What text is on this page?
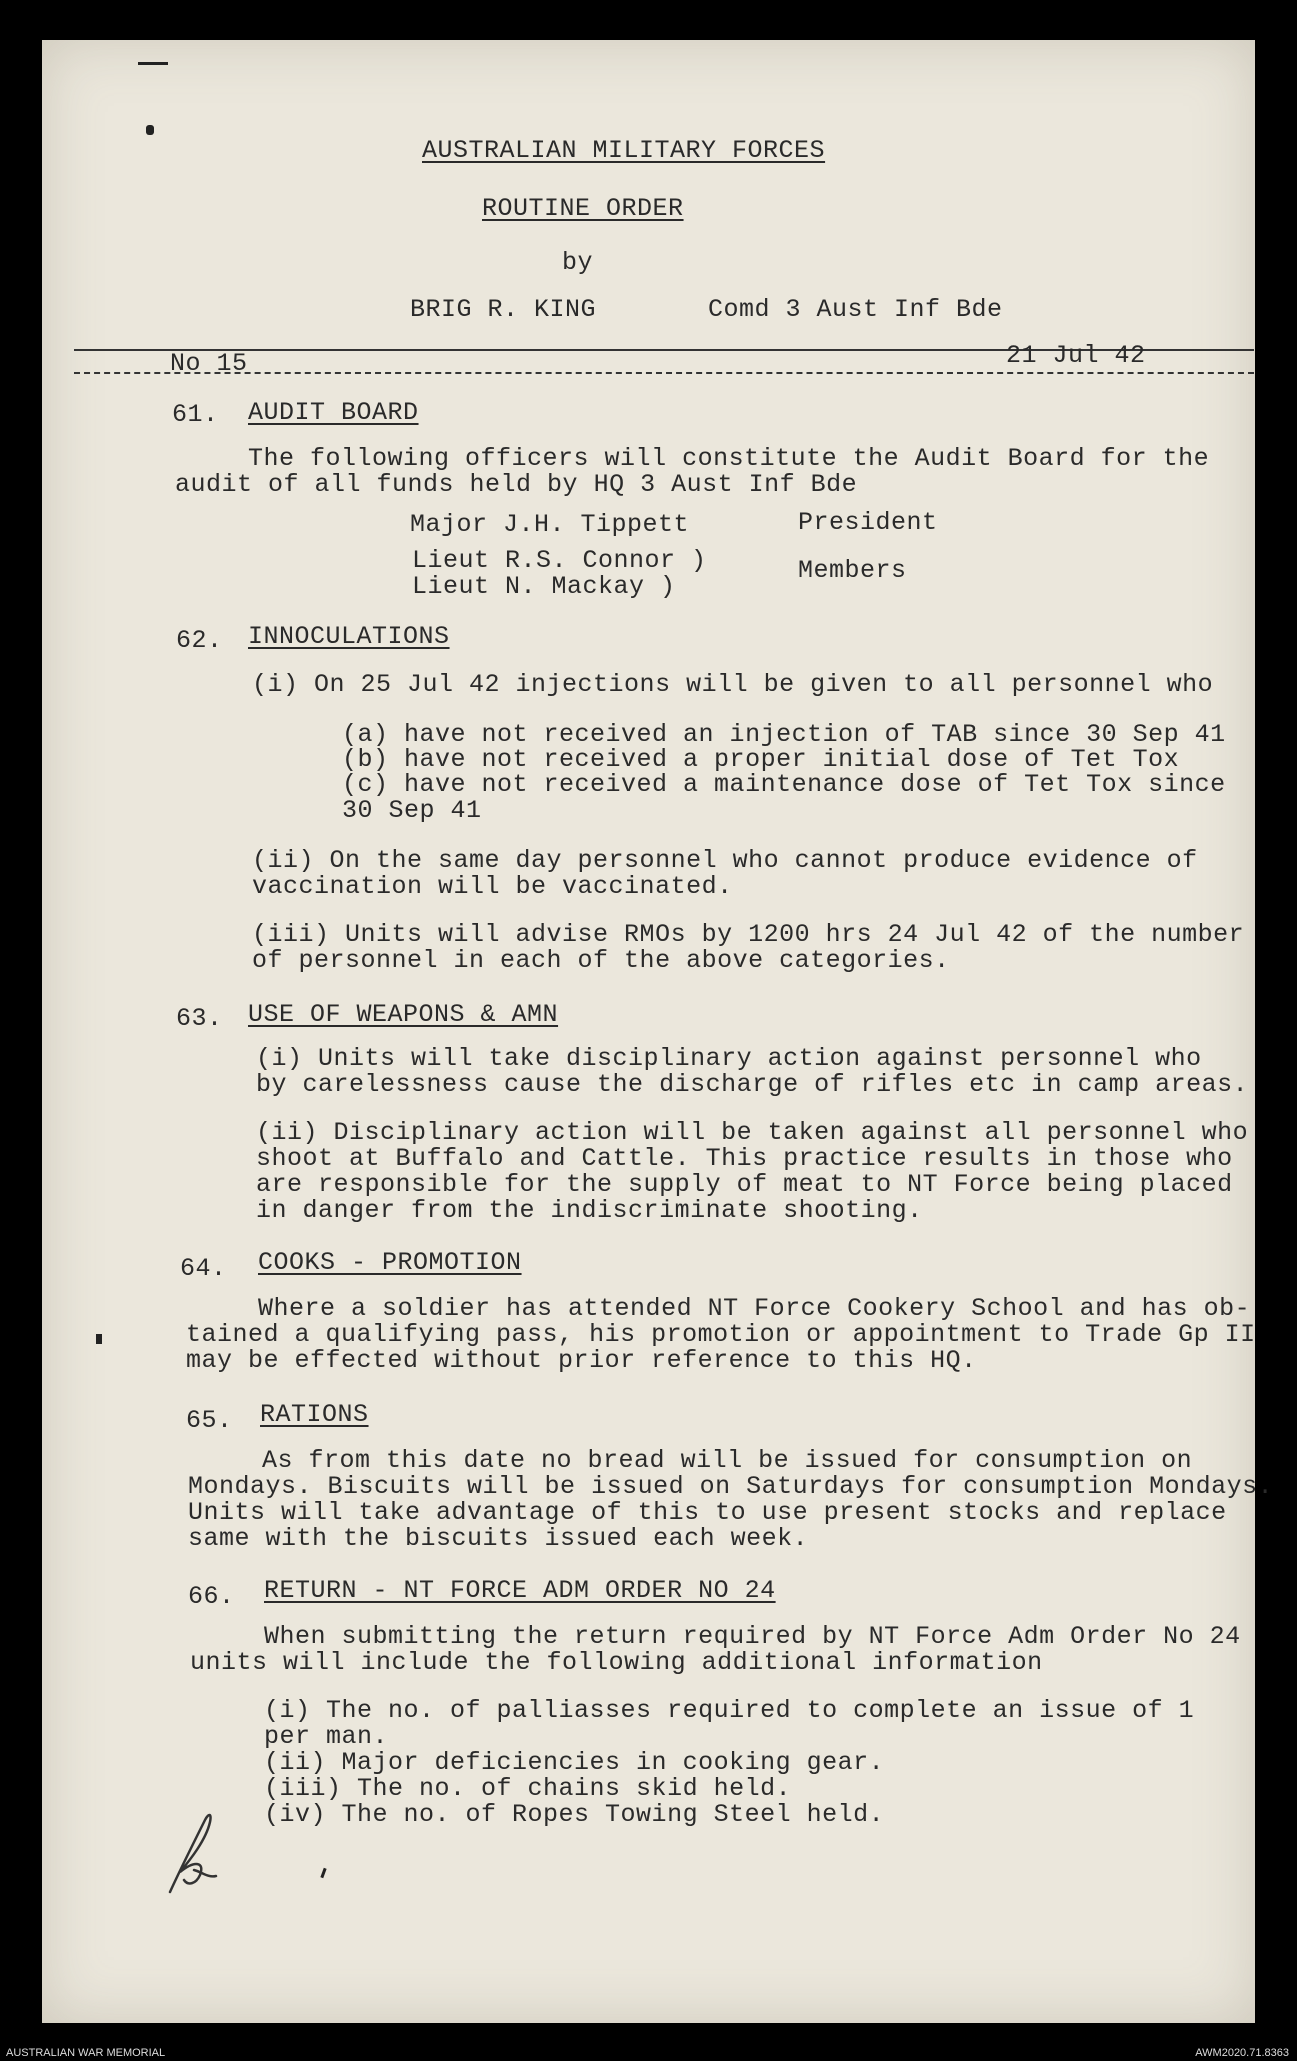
AUSTRALIAN MILITARY FORCES
ROUTINE ORDER
by
BRIG R. KING	Comd 3 Aust Inf Bde
No 15	21 Jul 42
61. AUDIT BOARD
The following officers will constitute the Audit Board for the
audit of all funds held by HQ 3 Aust Inf Bde
Major J.H. Tippett	President
Lieut R.S. Connor )
Lieut N. Mackay )
Members
62. INNOCULATIONS
(i) On 25 Jul 42 injections will be given to all personnel who
(a) have not received an injection of TAB since 30 Sep 41
(b) have not received a proper initial dose of Tet Tox
(c) have not received a maintenance dose of Tet Tox since
30 Sep 41
(ii) On the same day personnel who cannot produce evidence of
vaccination will be vaccinated.
(iii) Units will advise RMOs by 1200 hrs 24 Jul 42 of the number
of personnel in each of the above categories.
63. USE OF WEAPONS & AMN
(i) Units will take disciplinary action against personnel who
by carelessness cause the discharge of rifles etc in camp areas.
(ii) Disciplinary action will be taken against all personnel who
shoot at Buffalo and Cattle. This practice results in those who
are responsible for the supply of meat to NT Force being placed
in danger from the indiscriminate shooting.
64. COOKS - PROMOTION
Where a soldier has attended NT Force Cookery School and has ob-
tained a qualifying pass, his promotion or appointment to Trade Gp II
may be effected without prior reference to this HQ.
65. RATIONS
As from this date no bread will be issued for consumption on
Mondays. Biscuits will be issued on Saturdays for consumption Mondays.
Units will take advantage of this to use present stocks and replace
same with the biscuits issued each week.
66. RETURN - NT FORCE ADM ORDER NO 24
When submitting the return required by NT Force Adm Order No 24
units will include the following additional information
(i) The no. of palliasses required to complete an issue of 1
per man.
(ii) Major deficiencies in cooking gear.
(iii) The no. of chains skid held.
(iv) The no. of Ropes Towing Steel held.
AUSTRALIAN WAR MEMORIAL	AWM2020.71.8363
